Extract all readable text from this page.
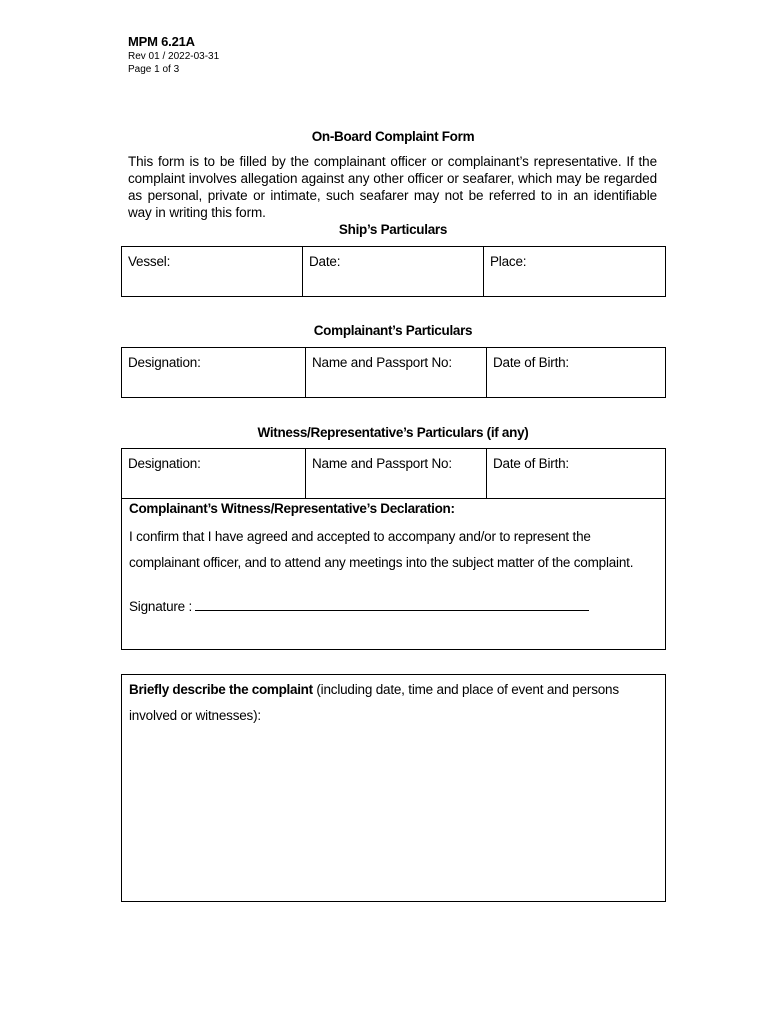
MPM 6.21A
Rev 01 / 2022-03-31
Page 1 of 3
On-Board Complaint Form
This form is to be filled by the complainant officer or complainant’s representative. If the complaint involves allegation against any other officer or seafarer, which may be regarded as personal, private or intimate, such seafarer may not be referred to in an identifiable way in writing this form.
Ship’s Particulars
Vessel:	Date:	Place:
Complainant’s Particulars
Designation:	Name and Passport No:	Date of Birth:
Witness/Representative’s Particulars (if any)
Designation:	Name and Passport No:	Date of Birth:
Complainant’s Witness/Representative’s Declaration:
I confirm that I have agreed and accepted to accompany and/or to represent the complainant officer, and to attend any meetings into the subject matter of the complaint.
Signature :
Briefly describe the complaint (including date, time and place of event and persons involved or witnesses):
